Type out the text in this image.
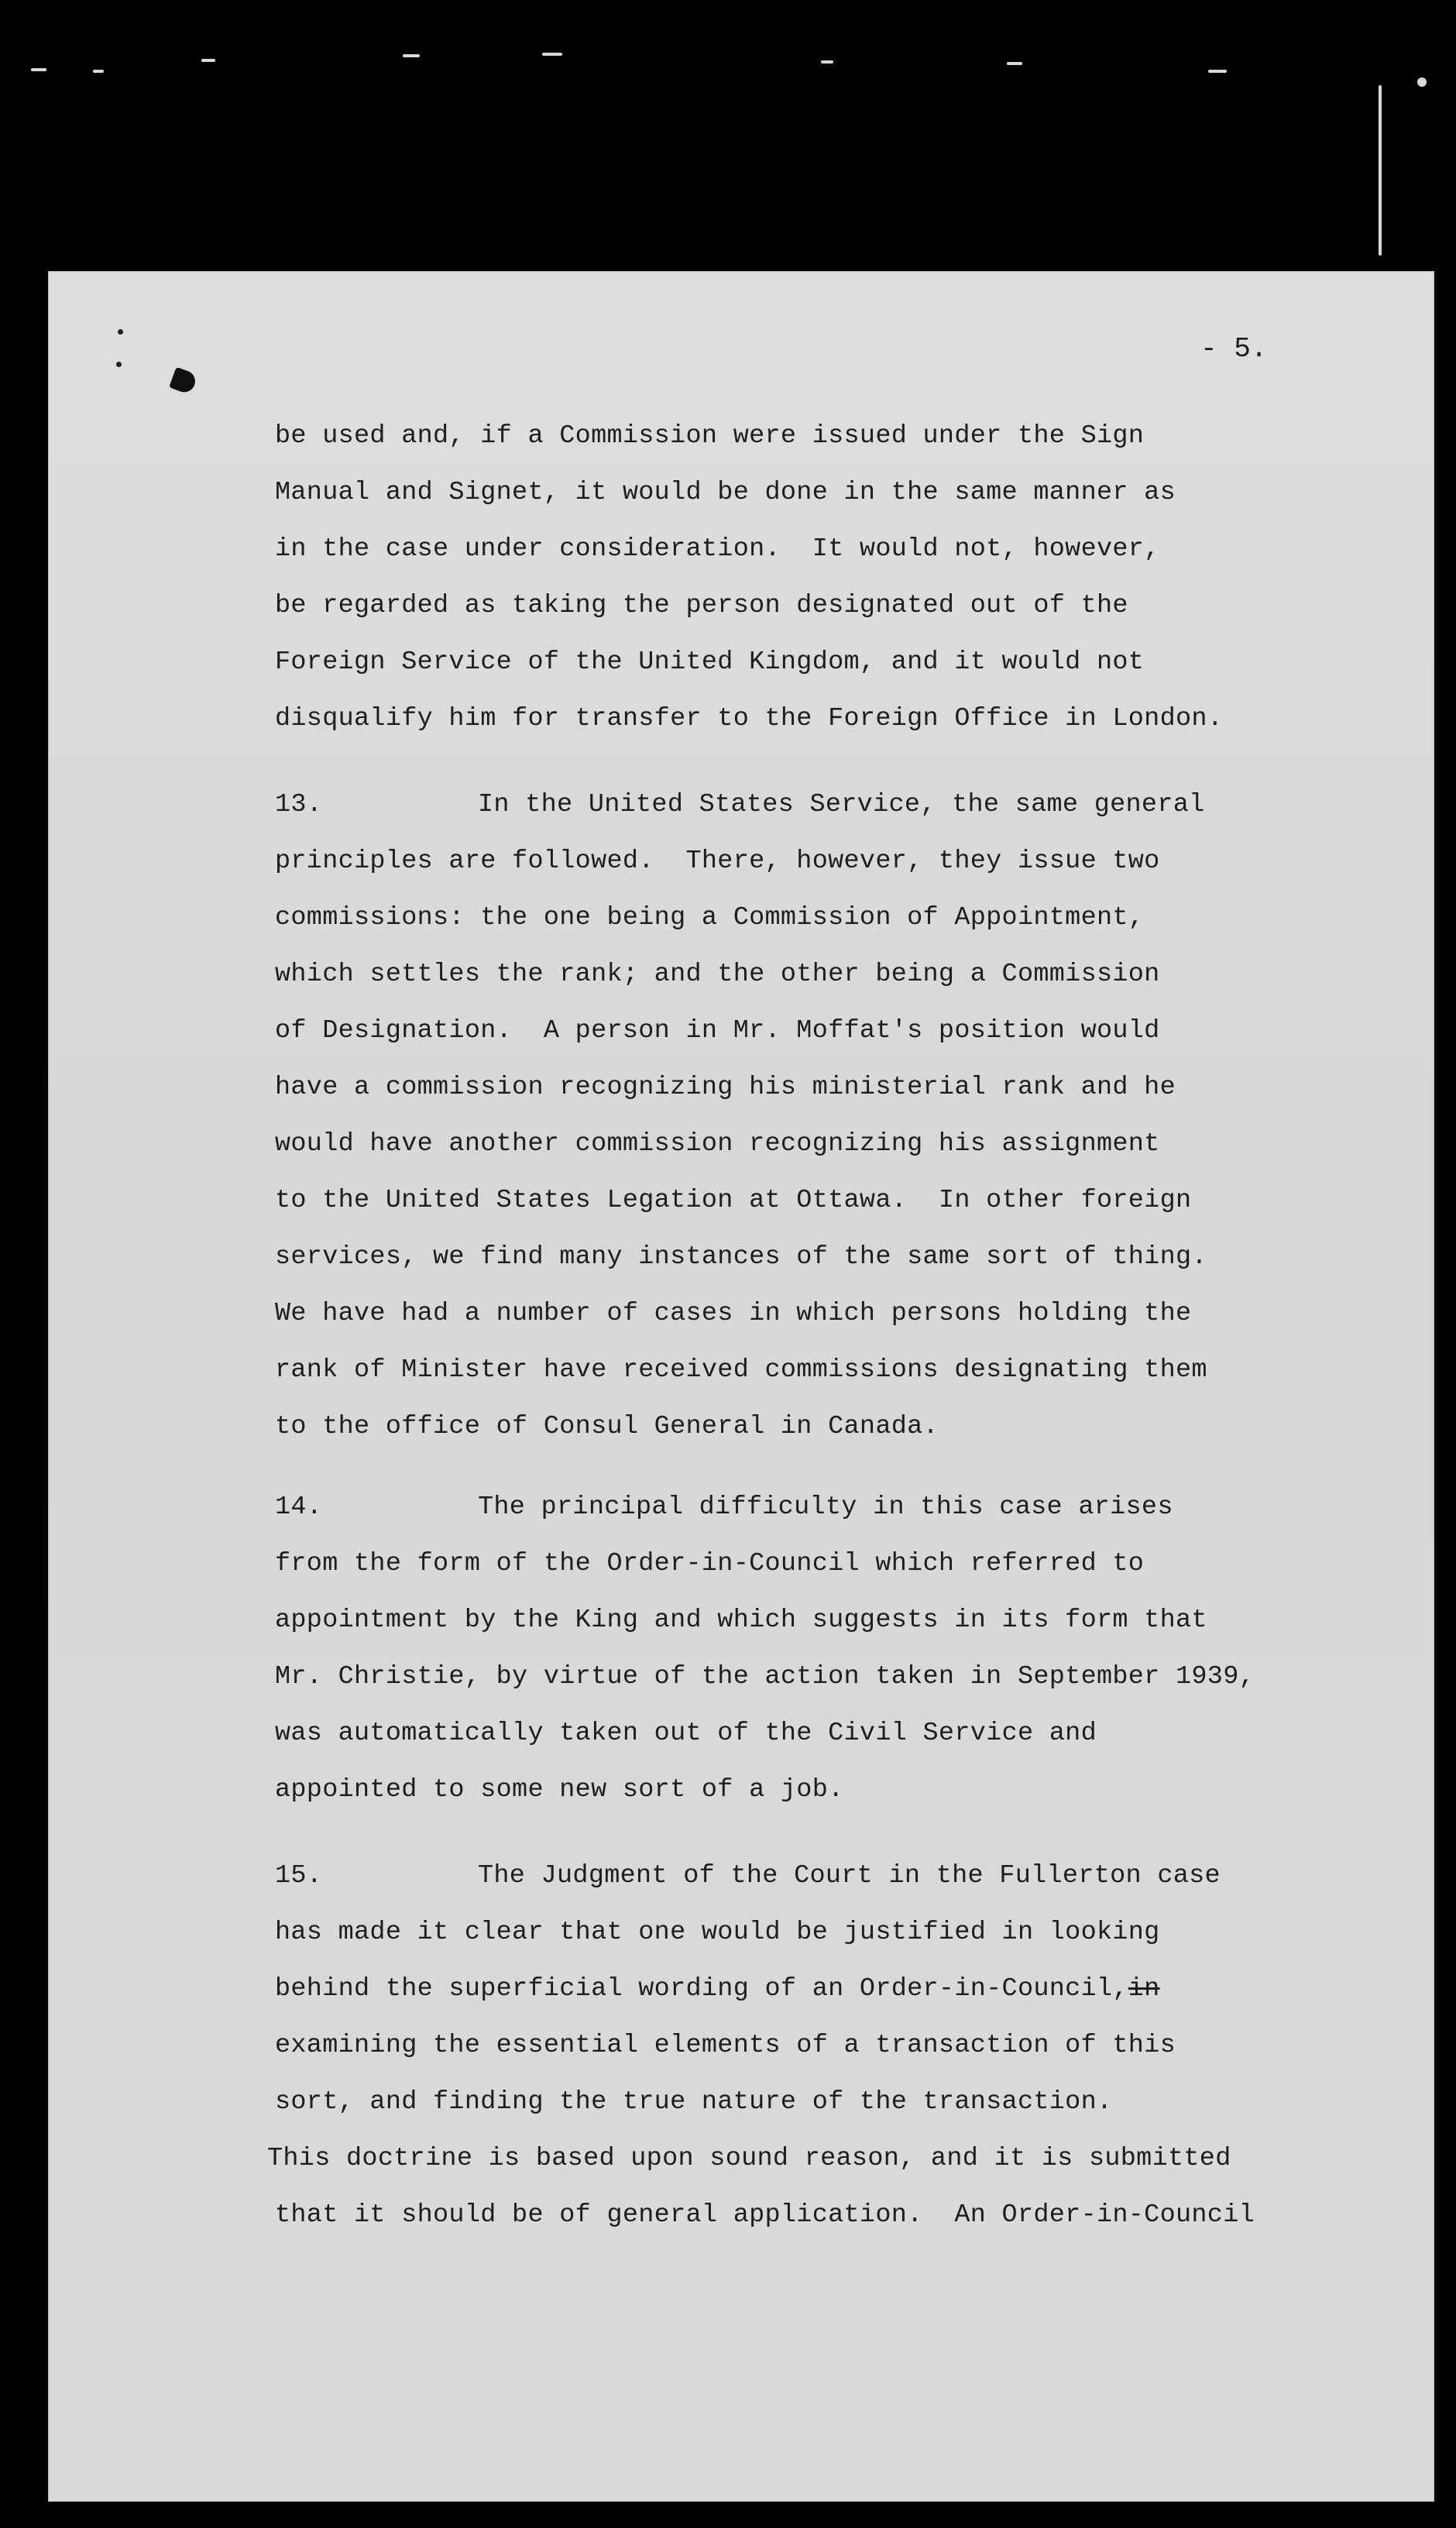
- 5.
be used and, if a Commission were issued under the Sign
Manual and Signet, it would be done in the same manner as
in the case under consideration.  It would not, however,
be regarded as taking the person designated out of the
Foreign Service of the United Kingdom, and it would not
disqualify him for transfer to the Foreign Office in London.
13.	In the United States Service, the same general
principles are followed.  There, however, they issue two
commissions: the one being a Commission of Appointment,
which settles the rank; and the other being a Commission
of Designation.  A person in Mr. Moffat's position would
have a commission recognizing his ministerial rank and he
would have another commission recognizing his assignment
to the United States Legation at Ottawa.  In other foreign
services, we find many instances of the same sort of thing.
We have had a number of cases in which persons holding the
rank of Minister have received commissions designating them
to the office of Consul General in Canada.
14.	The principal difficulty in this case arises
from the form of the Order-in-Council which referred to
appointment by the King and which suggests in its form that
Mr. Christie, by virtue of the action taken in September 1939,
was automatically taken out of the Civil Service and
appointed to some new sort of a job.
15.	The Judgment of the Court in the Fullerton case
has made it clear that one would be justified in looking
behind the superficial wording of an Order-in-Council,in
examining the essential elements of a transaction of this
sort, and finding the true nature of the transaction.
This doctrine is based upon sound reason, and it is submitted
that it should be of general application.  An Order-in-Council
